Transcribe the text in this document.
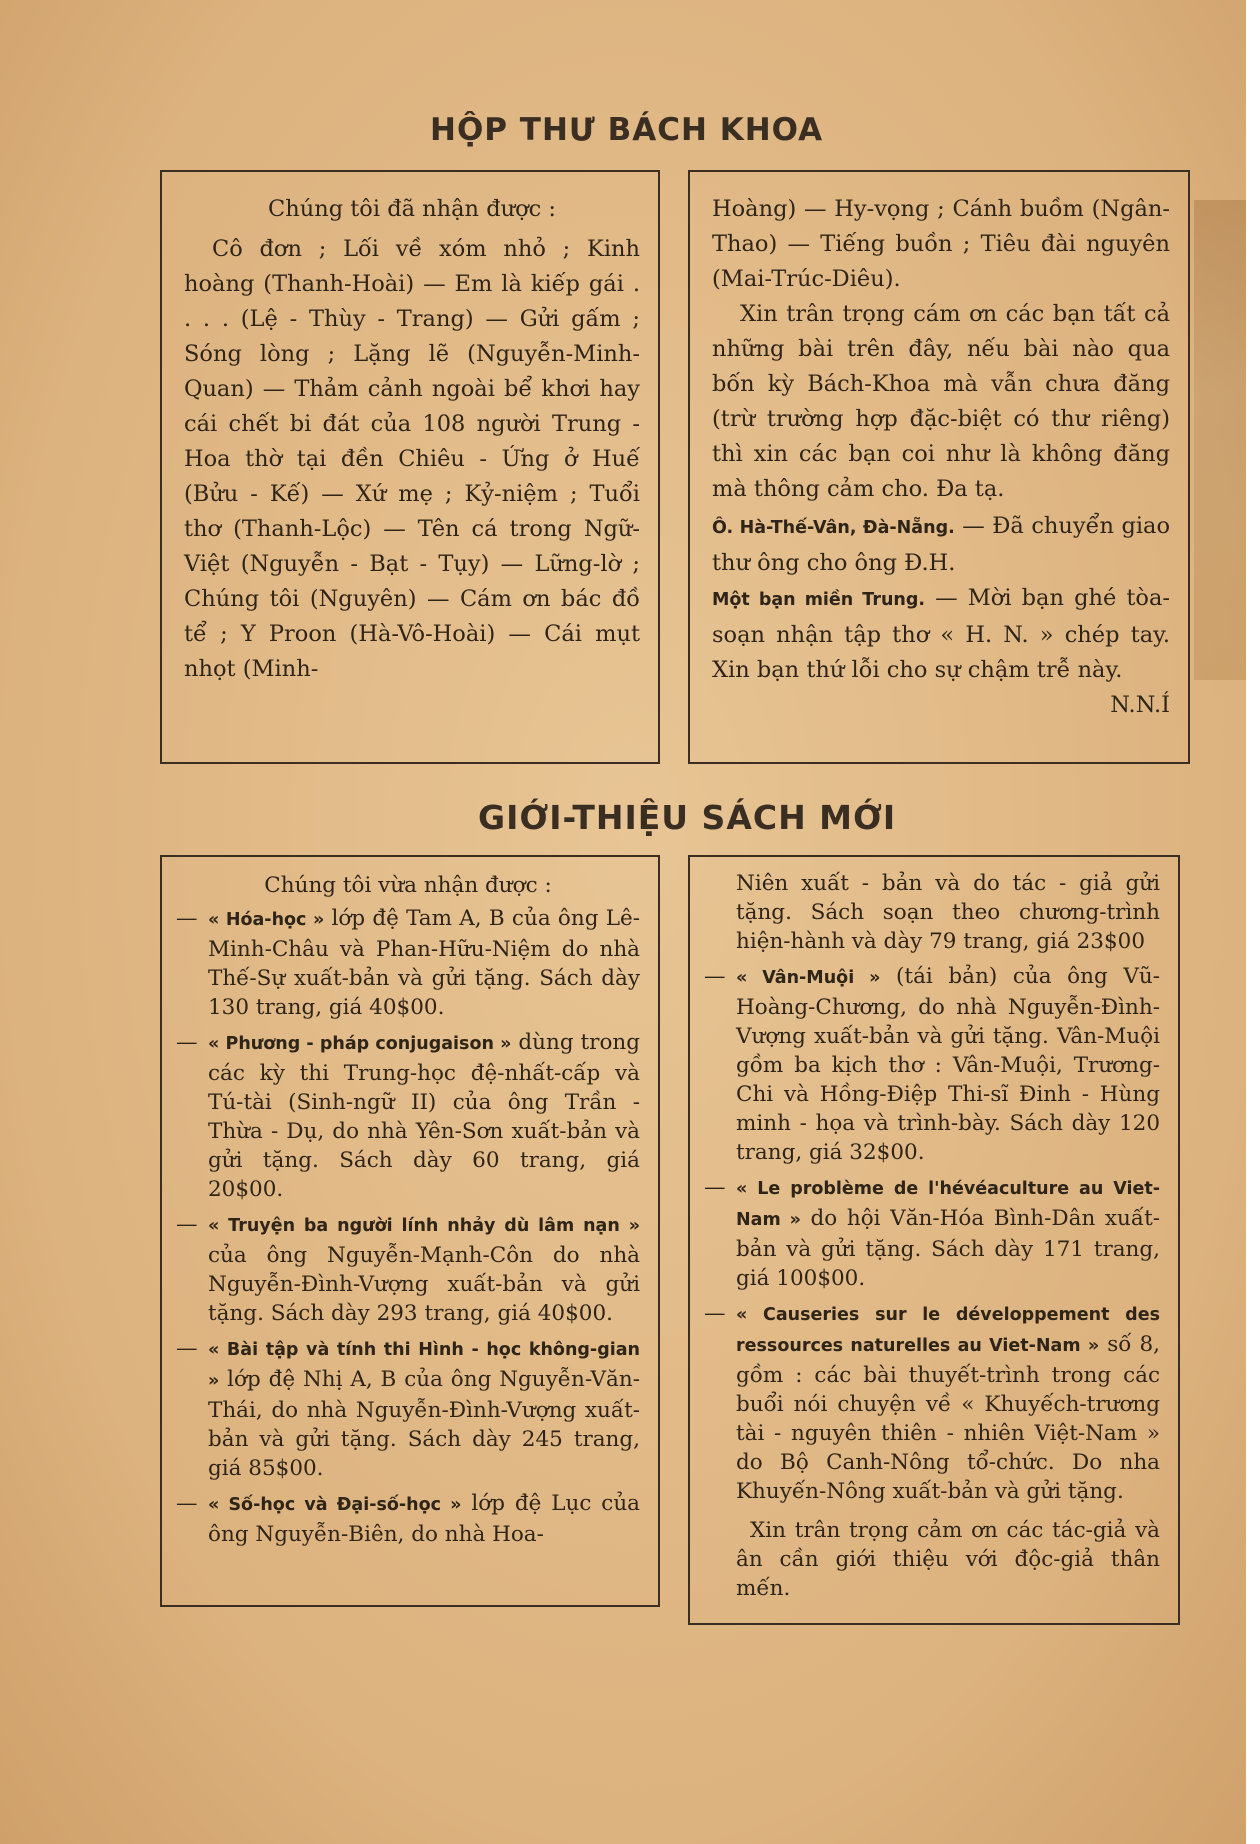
HỘP THƯ BÁCH KHOA

Chúng tôi đã nhận được :

Cô đơn ; Lối về xóm nhỏ ; Kinh hoàng (Thanh-Hoài) — Em là kiếp gái . . . . (Lệ - Thùy - Trang) — Gửi gấm ; Sóng lòng ; Lặng lẽ (Nguyễn-Minh-Quan) — Thảm cảnh ngoài bể khơi hay cái chết bi đát của 108 người Trung - Hoa thờ tại đền Chiêu - Ứng ở Huế (Bửu - Kế) — Xứ mẹ ; Kỷ-niệm ; Tuổi thơ (Thanh-Lộc) — Tên cá trong Ngữ-Việt (Nguyễn - Bạt - Tụy) — Lững-lờ ; Chúng tôi (Nguyên) — Cám ơn bác đồ tể ; Y Proon (Hà-Vô-Hoài) — Cái mụt nhọt (Minh-

Hoàng) — Hy-vọng ; Cánh buồm (Ngân-Thao) — Tiếng buồn ; Tiêu đài nguyên (Mai-Trúc-Diêu).

Xin trân trọng cám ơn các bạn tất cả những bài trên đây, nếu bài nào qua bốn kỳ Bách-Khoa mà vẫn chưa đăng (trừ trường hợp đặc-biệt có thư riêng) thì xin các bạn coi như là không đăng mà thông cảm cho. Đa tạ.

Ô. Hà-Thế-Vân, Đà-Nẵng. — Đã chuyển giao thư ông cho ông Đ.H.

Một bạn miền Trung. — Mời bạn ghé tòa-soạn nhận tập thơ « H. N. » chép tay. Xin bạn thứ lỗi cho sự chậm trễ này.
N.N.Í

GIỚI-THIỆU SÁCH MỚI

Chúng tôi vừa nhận được :

— « Hóa-học » lớp đệ Tam A, B của ông Lê-Minh-Châu và Phan-Hữu-Niệm do nhà Thế-Sự xuất-bản và gửi tặng. Sách dày 130 trang, giá 40$00.

— « Phương - pháp conjugaison » dùng trong các kỳ thi Trung-học đệ-nhất-cấp và Tú-tài (Sinh-ngữ II) của ông Trần - Thừa - Dụ, do nhà Yên-Sơn xuất-bản và gửi tặng. Sách dày 60 trang, giá 20$00.

— « Truyện ba người lính nhảy dù lâm nạn » của ông Nguyễn-Mạnh-Côn do nhà Nguyễn-Đình-Vượng xuất-bản và gửi tặng. Sách dày 293 trang, giá 40$00.

— « Bài tập và tính thi Hình - học không-gian » lớp đệ Nhị A, B của ông Nguyễn-Văn-Thái, do nhà Nguyễn-Đình-Vượng xuất-bản và gửi tặng. Sách dày 245 trang, giá 85$00.

— « Số-học và Đại-số-học » lớp đệ Lục của ông Nguyễn-Biên, do nhà Hoa-

Niên xuất - bản và do tác - giả gửi tặng. Sách soạn theo chương-trình hiện-hành và dày 79 trang, giá 23$00

— « Vân-Muội » (tái bản) của ông Vũ-Hoàng-Chương, do nhà Nguyễn-Đình-Vượng xuất-bản và gửi tặng. Vân-Muội gồm ba kịch thơ : Vân-Muội, Trương-Chi và Hồng-Điệp Thi-sĩ Đinh - Hùng minh - họa và trình-bày. Sách dày 120 trang, giá 32$00.

— « Le problème de l'hévéaculture au Viet-Nam » do hội Văn-Hóa Bình-Dân xuất-bản và gửi tặng. Sách dày 171 trang, giá 100$00.

— « Causeries sur le développement des ressources naturelles au Viet-Nam » số 8, gồm : các bài thuyết-trình trong các buổi nói chuyện về « Khuyếch-trương tài - nguyên thiên - nhiên Việt-Nam » do Bộ Canh-Nông tổ-chức. Do nha Khuyến-Nông xuất-bản và gửi tặng.

Xin trân trọng cảm ơn các tác-giả và ân cần giới thiệu với độc-giả thân mến.
